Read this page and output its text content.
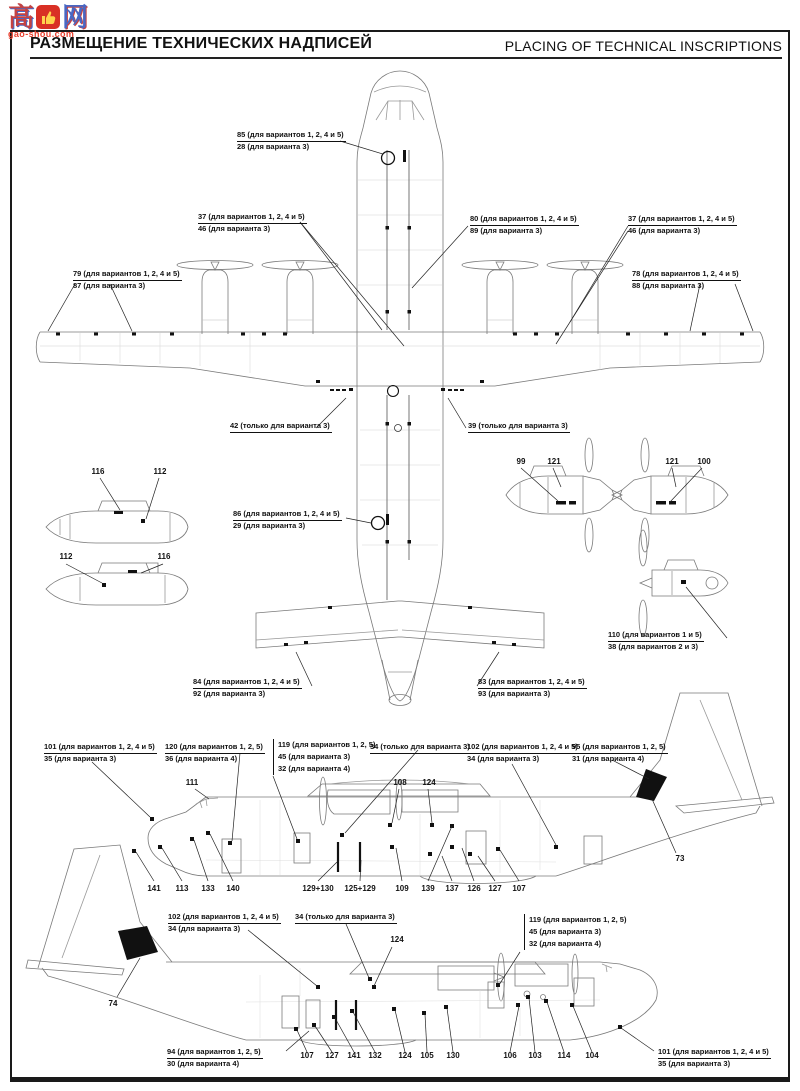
高 网
gao-shou.com
РАЗМЕЩЕНИЕ ТЕХНИЧЕСКИХ НАДПИСЕЙ	PLACING OF TECHNICAL INSCRIPTIONS
85 (для вариантов 1, 2, 4 и 5)
28 (для варианта 3)
37 (для вариантов 1, 2, 4 и 5)
46 (для варианта 3)
80 (для вариантов 1, 2, 4 и 5)
89 (для варианта 3)
37 (для вариантов 1, 2, 4 и 5)
46 (для варианта 3)
79 (для вариантов 1, 2, 4 и 5)
87 (для варианта 3)
78 (для вариантов 1, 2, 4 и 5)
88 (для варианта 3)
42 (только для варианта 3)	39 (только для варианта 3)
86 (для вариантов 1, 2, 4 и 5)
29 (для варианта 3)
84 (для вариантов 1, 2, 4 и 5)
92 (для варианта 3)
83 (для вариантов 1, 2, 4 и 5)
93 (для варианта 3)
116	112
112	116
99	121	121 100
110 (для вариантов 1 и 5)
38 (для вариантов 2 и 3)
101 (для вариантов 1, 2, 4 и 5)
35 (для варианта 3)
120 (для вариантов 1, 2, 5)
36 (для варианта 4)
119 (для вариантов 1, 2, 5)
45 (для варианта 3)
32 (для варианта 4)
34 (только для варианта 3)
102 (для вариантов 1, 2, 4 и 5)
34 (для варианта 3)
95 (для вариантов 1, 2, 5)
31 (для варианта 4)
111	108 124
73
141 113 133 140	129+130 125+129 109 139 137 126 127 107
102 (для вариантов 1, 2, 4 и 5)
34 (для варианта 3)
34 (только для варианта 3)
124
119 (для вариантов 1, 2, 5)
45 (для варианта 3)
32 (для варианта 4)
74
94 (для вариантов 1, 2, 5)
30 (для варианта 4)
107 127 141 132 124 105 130	106 103 114 104	101 (для вариантов 1, 2, 4 и 5)
35 (для варианта 3)
